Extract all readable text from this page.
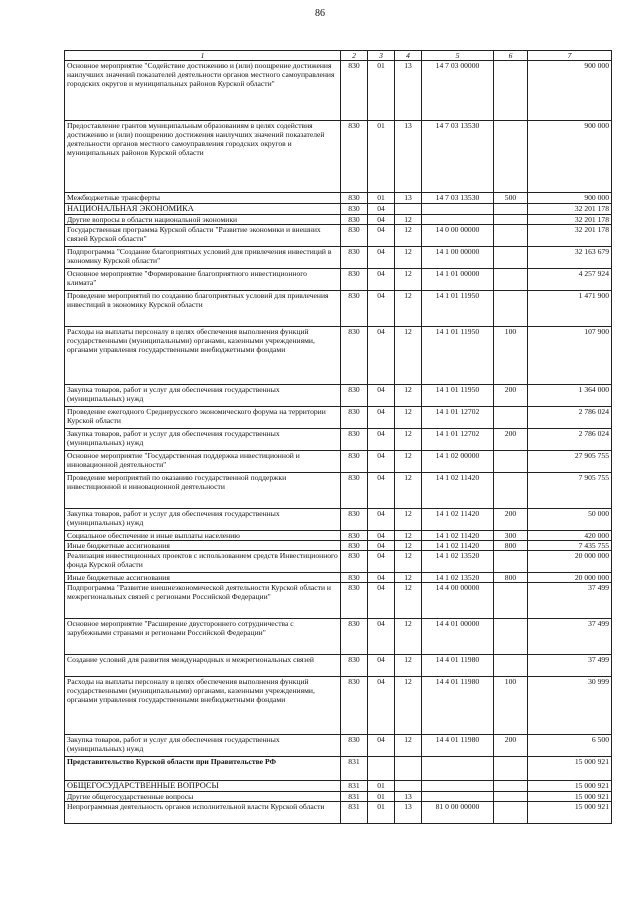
86
1	2	3	4	5	6	7
Основное мероприятие "Содействие достижению и (или) поощрение достижения наилучших значений показателей деятельности органов местного самоуправления городских округов и муниципальных районов Курской области"	830	01	13	14 7 03 00000		900 000
Предоставление грантов муниципальным образованиям в целях содействия достижению и (или) поощрению достижения наилучших значений показателей деятельности органов местного самоуправления городских округов и муниципальных районов Курской области	830	01	13	14 7 03 13530		900 000
Межбюджетные трансферты	830	01	13	14 7 03 13530	500	900 000
НАЦИОНАЛЬНАЯ ЭКОНОМИКА	830	04				32 201 178
Другие вопросы в области национальной экономики	830	04	12			32 201 178
Государственная программа Курской области "Развитие экономики и внешних связей Курской области"	830	04	12	14 0 00 00000		32 201 178
Подпрограмма "Создание благоприятных условий для привлечения инвестиций в экономику Курской области"	830	04	12	14 1 00 00000		32 163 679
Основное мероприятие "Формирование благоприятного инвестиционного климата"	830	04	12	14 1 01 00000		4 257 924
Проведение мероприятий по созданию благоприятных условий для привлечения инвестиций в экономику Курской области	830	04	12	14 1 01 11950		1 471 900
Расходы на выплаты персоналу в целях обеспечения выполнения функций государственными (муниципальными) органами, казенными учреждениями, органами управления государственными внебюджетными фондами	830	04	12	14 1 01 11950	100	107 900
Закупка товаров, работ и услуг для обеспечения государственных (муниципальных) нужд	830	04	12	14 1 01 11950	200	1 364 000
Проведение ежегодного Среднерусского экономического форума на территории Курской области	830	04	12	14 1 01 12702		2 786 024
Закупка товаров, работ и услуг для обеспечения государственных (муниципальных) нужд	830	04	12	14 1 01 12702	200	2 786 024
Основное мероприятие "Государственная поддержка инвестиционной и инновационной деятельности"	830	04	12	14 1 02 00000		27 905 755
Проведение мероприятий по оказанию государственной поддержки инвестиционной и инновационной деятельности	830	04	12	14 1 02 11420		7 905 755
Закупка товаров, работ и услуг для обеспечения государственных (муниципальных) нужд	830	04	12	14 1 02 11420	200	50 000
Социальное обеспечение и иные выплаты населению	830	04	12	14 1 02 11420	300	420 000
Иные бюджетные ассигнования	830	04	12	14 1 02 11420	800	7 435 755
Реализация инвестиционных проектов с использованием средств Инвестиционного фонда Курской области	830	04	12	14 1 02 13520		20 000 000
Иные бюджетные ассигнования	830	04	12	14 1 02 13520	800	20 000 000
Подпрограмма "Развитие внешнеэкономической деятельности Курской области и межрегиональных связей с регионами Российской Федерации"	830	04	12	14 4 00 00000		37 499
Основное мероприятие "Расширение двустороннего сотрудничества с зарубежными странами и регионами Российской Федерации"	830	04	12	14 4 01 00000		37 499
Создание условий для развития международных и межрегиональных связей	830	04	12	14 4 01 11980		37 499
Расходы на выплаты персоналу в целях обеспечения выполнения функций государственными (муниципальными) органами, казенными учреждениями, органами управления государственными внебюджетными фондами	830	04	12	14 4 01 11980	100	30 999
Закупка товаров, работ и услуг для обеспечения государственных (муниципальных) нужд	830	04	12	14 4 01 11980	200	6 500
Представительство Курской области при Правительстве РФ	831					15 000 921
ОБЩЕГОСУДАРСТВЕННЫЕ ВОПРОСЫ	831	01				15 000 921
Другие общегосударственные вопросы	831	01	13			15 000 921
Непрограммная деятельность органов исполнительной власти Курской области	831	01	13	81 0 00 00000		15 000 921
